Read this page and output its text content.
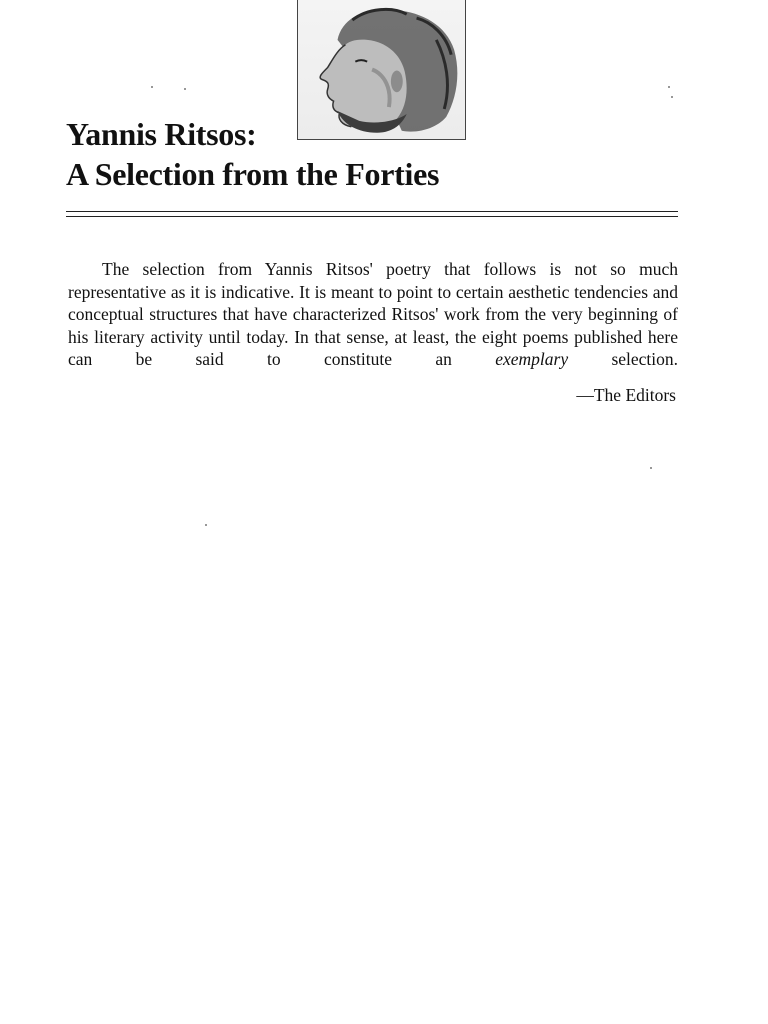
Yannis Ritsos:
A Selection from the Forties

The selection from Yannis Ritsos' poetry that follows is not so much representative as it is indicative. It is meant to point to certain aesthetic tendencies and conceptual structures that have characterized Ritsos' work from the very beginning of his literary activity until today. In that sense, at least, the eight poems published here can be said to constitute an exemplary selection.

—The Editors
